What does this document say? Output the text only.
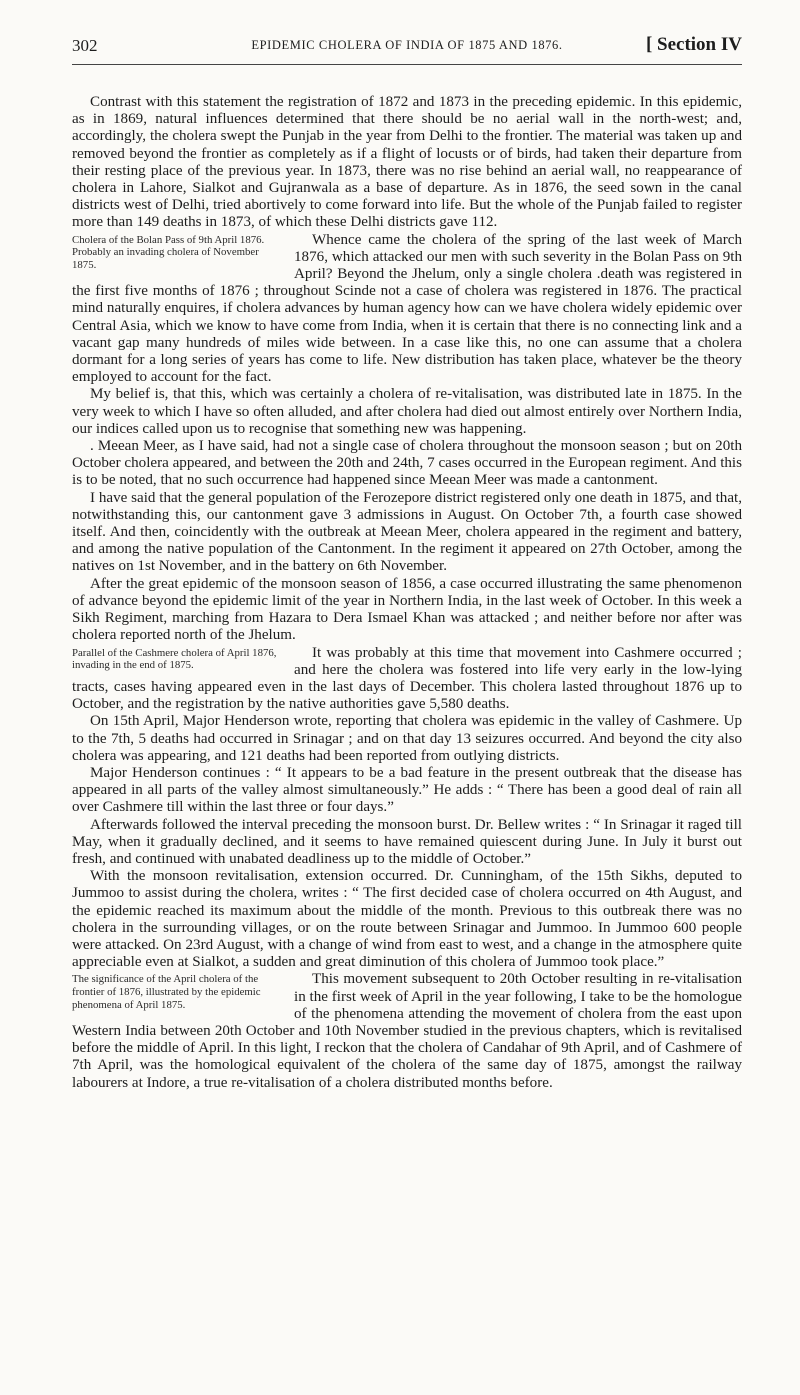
302	EPIDEMIC CHOLERA OF INDIA OF 1875 AND 1876.	[ Section IV

Contrast with this statement the registration of 1872 and 1873 in the preceding epidemic. In this epidemic, as in 1869, natural influences determined that there should be no aerial wall in the north-west; and, accordingly, the cholera swept the Punjab in the year from Delhi to the frontier. The material was taken up and removed beyond the frontier as completely as if a flight of locusts or of birds, had taken their departure from their resting place of the previous year. In 1873, there was no rise behind an aerial wall, no reappearance of cholera in Lahore, Sialkot and Gujranwala as a base of departure. As in 1876, the seed sown in the canal districts west of Delhi, tried abortively to come forward into life. But the whole of the Punjab failed to register more than 149 deaths in 1873, of which these Delhi districts gave 112.

Cholera of the Bolan Pass of 9th April 1876. Probably an invading cholera of November 1875.
Whence came the cholera of the spring of the last week of March 1876, which attacked our men with such severity in the Bolan Pass on 9th April? Beyond the Jhelum, only a single cholera .death was registered in the first five months of 1876 ; throughout Scinde not a case of cholera was registered in 1876. The practical mind naturally enquires, if cholera advances by human agency how can we have cholera widely epidemic over Central Asia, which we know to have come from India, when it is certain that there is no connecting link and a vacant gap many hundreds of miles wide between. In a case like this, no one can assume that a cholera dormant for a long series of years has come to life. New distribution has taken place, whatever be the theory employed to account for the fact.

My belief is, that this, which was certainly a cholera of re-vitalisation, was distributed late in 1875. In the very week to which I have so often alluded, and after cholera had died out almost entirely over Northern India, our indices called upon us to recognise that something new was happening.

. Meean Meer, as I have said, had not a single case of cholera throughout the monsoon season ; but on 20th October cholera appeared, and between the 20th and 24th, 7 cases occurred in the European regiment. And this is to be noted, that no such occurrence had happened since Meean Meer was made a cantonment.

I have said that the general population of the Ferozepore district registered only one death in 1875, and that, notwithstanding this, our cantonment gave 3 admissions in August. On October 7th, a fourth case showed itself. And then, coincidently with the outbreak at Meean Meer, cholera appeared in the regiment and battery, and among the native population of the Cantonment. In the regiment it appeared on 27th October, among the natives on 1st November, and in the battery on 6th November.

After the great epidemic of the monsoon season of 1856, a case occurred illustrating the same phenomenon of advance beyond the epidemic limit of the year in Northern India, in the last week of October. In this week a Sikh Regiment, marching from Hazara to Dera Ismael Khan was attacked ; and neither before nor after was cholera reported north of the Jhelum.

Parallel of the Cashmere cholera of April 1876, invading in the end of 1875.
It was probably at this time that movement into Cashmere occurred ; and here the cholera was fostered into life very early in the low-lying tracts, cases having appeared even in the last days of December. This cholera lasted throughout 1876 up to October, and the registration by the native authorities gave 5,580 deaths.

On 15th April, Major Henderson wrote, reporting that cholera was epidemic in the valley of Cashmere. Up to the 7th, 5 deaths had occurred in Srinagar ; and on that day 13 seizures occurred. And beyond the city also cholera was appearing, and 121 deaths had been reported from outlying districts.

Major Henderson continues : “ It appears to be a bad feature in the present outbreak that the disease has appeared in all parts of the valley almost simultaneously.” He adds : “ There has been a good deal of rain all over Cashmere till within the last three or four days.”

Afterwards followed the interval preceding the monsoon burst. Dr. Bellew writes : “ In Srinagar it raged till May, when it gradually declined, and it seems to have remained quiescent during June. In July it burst out fresh, and continued with unabated deadliness up to the middle of October.”

With the monsoon revitalisation, extension occurred. Dr. Cunningham, of the 15th Sikhs, deputed to Jummoo to assist during the cholera, writes : “ The first decided case of cholera occurred on 4th August, and the epidemic reached its maximum about the middle of the month. Previous to this outbreak there was no cholera in the surrounding villages, or on the route between Srinagar and Jummoo. In Jummoo 600 people were attacked. On 23rd August, with a change of wind from east to west, and a change in the atmosphere quite appreciable even at Sialkot, a sudden and great diminution of this cholera of Jummoo took place.”

The significance of the April cholera of the frontier of 1876, illustrated by the epidemic phenomena of April 1875.
This movement subsequent to 20th October resulting in re-vitalisation in the first week of April in the year following, I take to be the homologue of the phenomena attending the movement of cholera from the east upon Western India between 20th October and 10th November studied in the previous chapters, which is revitalised before the middle of April. In this light, I reckon that the cholera of Candahar of 9th April, and of Cashmere of 7th April, was the homological equivalent of the cholera of the same day of 1875, amongst the railway labourers at Indore, a true re-vitalisation of a cholera distributed months before.
